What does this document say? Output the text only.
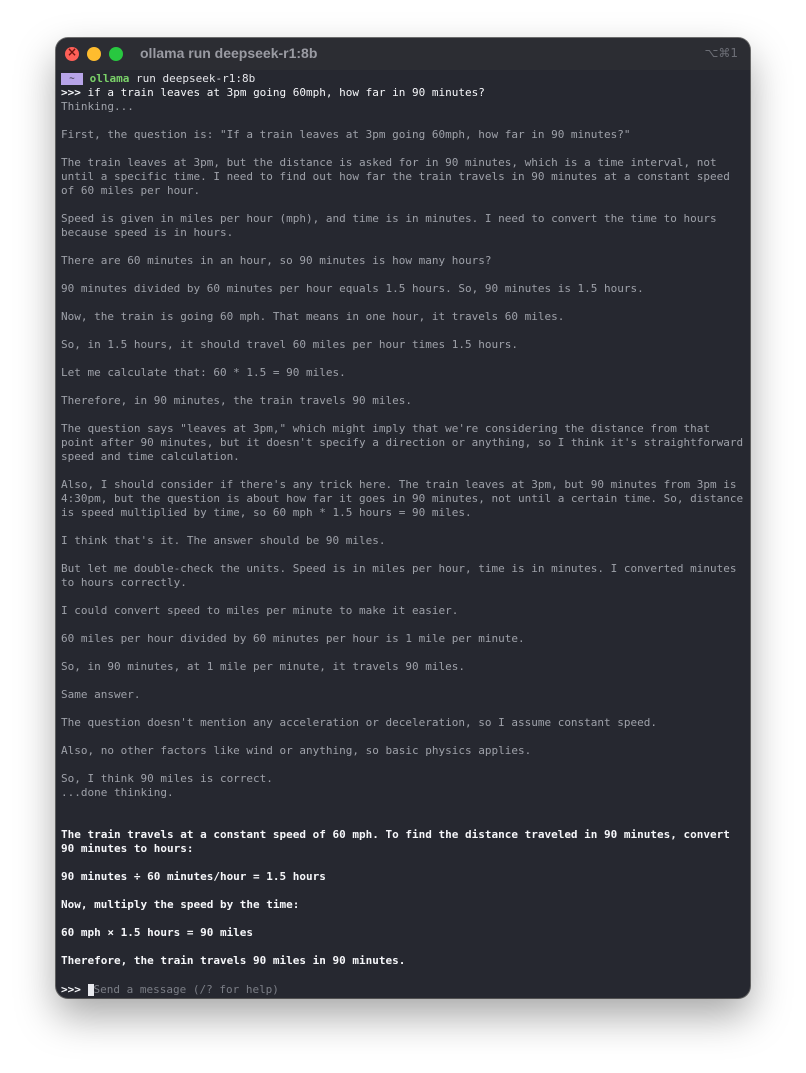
×
ollama run deepseek-r1:8b	⌥⌘1
~ ollama run deepseek-r1:8b
>>> if a train leaves at 3pm going 60mph, how far in 90 minutes?
Thinking...
First, the question is: "If a train leaves at 3pm going 60mph, how far in 90 minutes?"
The train leaves at 3pm, but the distance is asked for in 90 minutes, which is a time interval, not
until a specific time. I need to find out how far the train travels in 90 minutes at a constant speed
of 60 miles per hour.
Speed is given in miles per hour (mph), and time is in minutes. I need to convert the time to hours
because speed is in hours.
There are 60 minutes in an hour, so 90 minutes is how many hours?
90 minutes divided by 60 minutes per hour equals 1.5 hours. So, 90 minutes is 1.5 hours.
Now, the train is going 60 mph. That means in one hour, it travels 60 miles.
So, in 1.5 hours, it should travel 60 miles per hour times 1.5 hours.
Let me calculate that: 60 * 1.5 = 90 miles.
Therefore, in 90 minutes, the train travels 90 miles.
The question says "leaves at 3pm," which might imply that we're considering the distance from that
point after 90 minutes, but it doesn't specify a direction or anything, so I think it's straightforward
speed and time calculation.
Also, I should consider if there's any trick here. The train leaves at 3pm, but 90 minutes from 3pm is
4:30pm, but the question is about how far it goes in 90 minutes, not until a certain time. So, distance
is speed multiplied by time, so 60 mph * 1.5 hours = 90 miles.
I think that's it. The answer should be 90 miles.
But let me double-check the units. Speed is in miles per hour, time is in minutes. I converted minutes
to hours correctly.
I could convert speed to miles per minute to make it easier.
60 miles per hour divided by 60 minutes per hour is 1 mile per minute.
So, in 90 minutes, at 1 mile per minute, it travels 90 miles.
Same answer.
The question doesn't mention any acceleration or deceleration, so I assume constant speed.
Also, no other factors like wind or anything, so basic physics applies.
So, I think 90 miles is correct.
...done thinking.
The train travels at a constant speed of 60 mph. To find the distance traveled in 90 minutes, convert
90 minutes to hours:
90 minutes ÷ 60 minutes/hour = 1.5 hours
Now, multiply the speed by the time:
60 mph × 1.5 hours = 90 miles
Therefore, the train travels 90 miles in 90 minutes.
>>> Send a message (/? for help)
